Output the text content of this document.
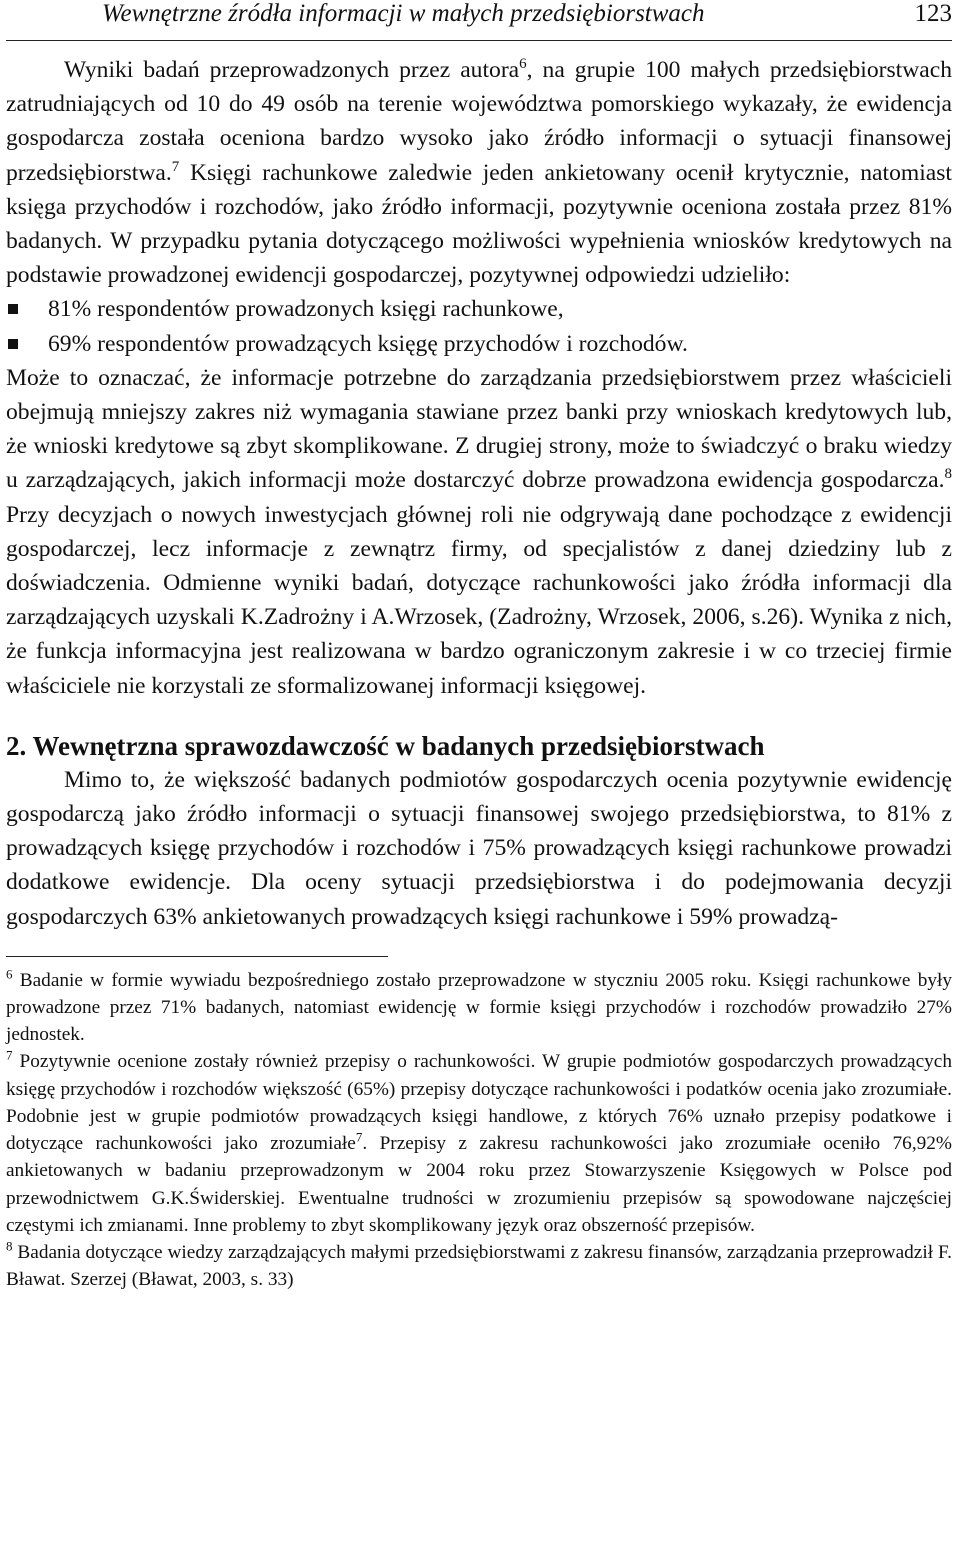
Wewnętrzne źródła informacji w małych przedsiębiorstwach	123

Wyniki badań przeprowadzonych przez autora$^6$, na grupie 100 małych przedsiębiorstwach zatrudniających od 10 do 49 osób na terenie województwa pomorskiego wykazały, że ewidencja gospodarcza została oceniona bardzo wysoko jako źródło informacji o sytuacji finansowej przedsiębiorstwa.$^7$ Księgi rachunkowe zaledwie jeden ankietowany ocenił krytycznie, natomiast księga przychodów i rozchodów, jako źródło informacji, pozytywnie oceniona została przez 81% badanych. W przypadku pytania dotyczącego możliwości wypełnienia wniosków kredytowych na podstawie prowadzonej ewidencji gospodarczej, pozytywnej odpowiedzi udzieliło:

81% respondentów prowadzonych księgi rachunkowe,
69% respondentów prowadzących księgę przychodów i rozchodów.

Może to oznaczać, że informacje potrzebne do zarządzania przedsiębiorstwem przez właścicieli obejmują mniejszy zakres niż wymagania stawiane przez banki przy wnioskach kredytowych lub, że wnioski kredytowe są zbyt skomplikowane. Z drugiej strony, może to świadczyć o braku wiedzy u zarządzających, jakich informacji może dostarczyć dobrze prowadzona ewidencja gospodarcza.$^8$ Przy decyzjach o nowych inwestycjach głównej roli nie odgrywają dane pochodzące z ewidencji gospodarczej, lecz informacje z zewnątrz firmy, od specjalistów z danej dziedziny lub z doświadczenia. Odmienne wyniki badań, dotyczące rachunkowości jako źródła informacji dla zarządzających uzyskali K.Zadrożny i A.Wrzosek, (Zadrożny, Wrzosek, 2006, s.26). Wynika z nich, że funkcja informacyjna jest realizowana w bardzo ograniczonym zakresie i w co trzeciej firmie właściciele nie korzystali ze sformalizowanej informacji księgowej.

2. Wewnętrzna sprawozdawczość w badanych przedsiębiorstwach

Mimo to, że większość badanych podmiotów gospodarczych ocenia pozytywnie ewidencję gospodarczą jako źródło informacji o sytuacji finansowej swojego przedsiębiorstwa, to 81% z prowadzących księgę przychodów i rozchodów i 75% prowadzących księgi rachunkowe prowadzi dodatkowe ewidencje. Dla oceny sytuacji przedsiębiorstwa i do podejmowania decyzji gospodarczych 63% ankietowanych prowadzących księgi rachunkowe i 59% prowadzą-

$^6$ Badanie w formie wywiadu bezpośredniego zostało przeprowadzone w styczniu 2005 roku. Księgi rachunkowe były prowadzone przez 71% badanych, natomiast ewidencję w formie księgi przychodów i rozchodów prowadziło 27% jednostek.

$^7$ Pozytywnie ocenione zostały również przepisy o rachunkowości. W grupie podmiotów gospodarczych prowadzących księgę przychodów i rozchodów większość (65%) przepisy dotyczące rachunkowości i podatków ocenia jako zrozumiałe. Podobnie jest w grupie podmiotów prowadzących księgi handlowe, z których 76% uznało przepisy podatkowe i dotyczące rachunkowości jako zrozumiałe$^7$. Przepisy z zakresu rachunkowości jako zrozumiałe oceniło 76,92% ankietowanych w badaniu przeprowadzonym w 2004 roku przez Stowarzyszenie Księgowych w Polsce pod przewodnictwem G.K.Świderskiej. Ewentualne trudności w zrozumieniu przepisów są spowodowane najczęściej częstymi ich zmianami. Inne problemy to zbyt skomplikowany język oraz obszerność przepisów.

$^8$ Badania dotyczące wiedzy zarządzających małymi przedsiębiorstwami z zakresu finansów, zarządzania przeprowadził F. Bławat. Szerzej (Bławat, 2003, s. 33)
